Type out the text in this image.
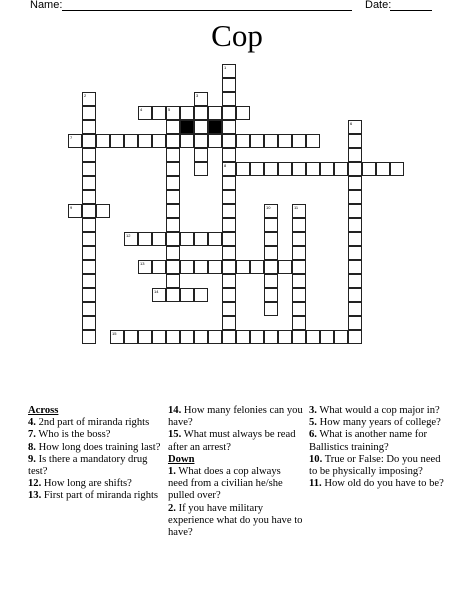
Name:	Date:
Cop
1
8
2	3
4	5
6
7
9	10	11
12
13
14
15
Across
4. 2nd part of miranda rights
7. Who is the boss?
8. How long does training last?
9. Is there a mandatory drug test?
12. How long are shifts?
13. First part of miranda rights
14. How many felonies can you have?
15. What must always be read after an arrest?
Down
1. What does a cop always need from a civilian he/she pulled over?
2. If you have military experience what do you have to have?
3. What would a cop major in?
5. How many years of college?
6. What is another name for Ballistics training?
10. True or False: Do you need to be physically imposing?
11. How old do you have to be?
